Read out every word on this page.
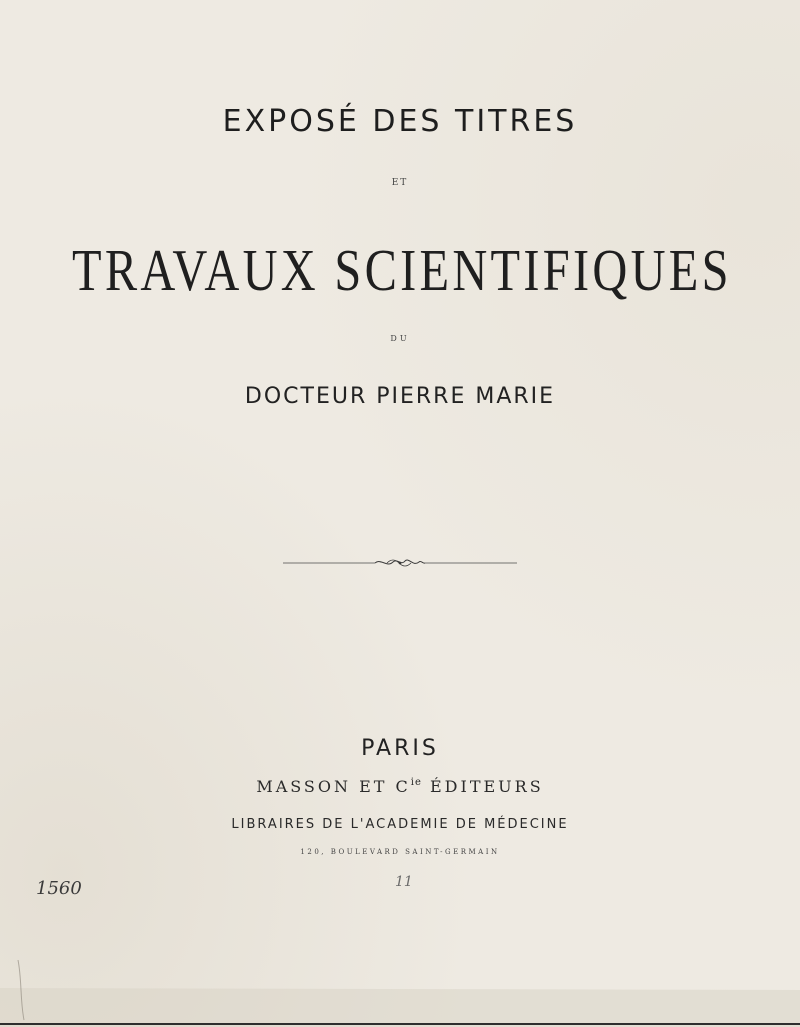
EXPOSÉ DES TITRES
ET
TRAVAUX SCIENTIFIQUES
DU
DOCTEUR PIERRE MARIE
PARIS
MASSON ET $C^{ie}$ ÉDITEURS
LIBRAIRES DE L'ACADEMIE DE MÉDECINE
120, BOULEVARD SAINT-GERMAIN
1560	11
